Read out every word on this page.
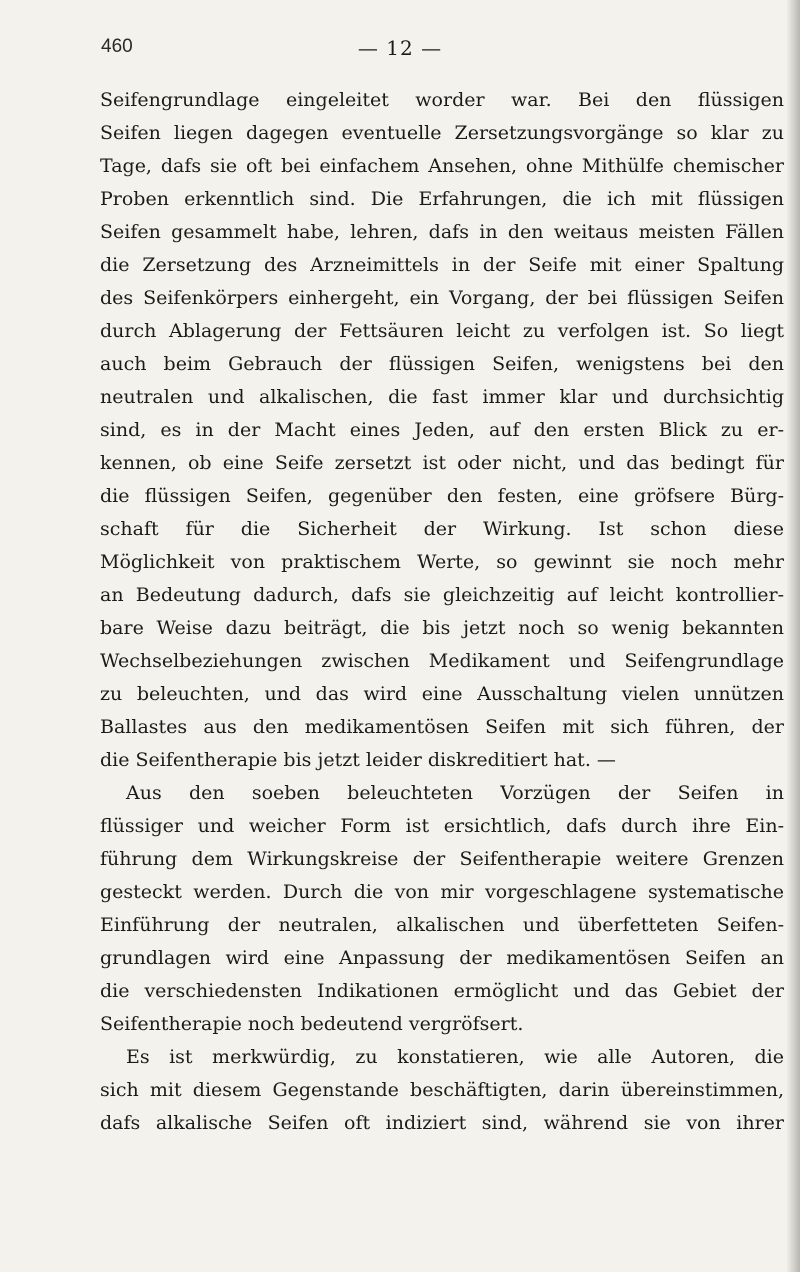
460	— 12 —
Seifengrundlage eingeleitet worder war. Bei den flüssigen
Seifen liegen dagegen eventuelle Zersetzungsvorgänge so klar zu
Tage, dafs sie oft bei einfachem Ansehen, ohne Mithülfe chemischer
Proben erkenntlich sind. Die Erfahrungen, die ich mit flüssigen
Seifen gesammelt habe, lehren, dafs in den weitaus meisten Fällen
die Zersetzung des Arzneimittels in der Seife mit einer Spaltung
des Seifenkörpers einhergeht, ein Vorgang, der bei flüssigen Seifen
durch Ablagerung der Fettsäuren leicht zu verfolgen ist. So liegt
auch beim Gebrauch der flüssigen Seifen, wenigstens bei den
neutralen und alkalischen, die fast immer klar und durchsichtig
sind, es in der Macht eines Jeden, auf den ersten Blick zu er-
kennen, ob eine Seife zersetzt ist oder nicht, und das bedingt für
die flüssigen Seifen, gegenüber den festen, eine gröfsere Bürg-
schaft für die Sicherheit der Wirkung. Ist schon diese
Möglichkeit von praktischem Werte, so gewinnt sie noch mehr
an Bedeutung dadurch, dafs sie gleichzeitig auf leicht kontrollier-
bare Weise dazu beiträgt, die bis jetzt noch so wenig bekannten
Wechselbeziehungen zwischen Medikament und Seifengrundlage
zu beleuchten, und das wird eine Ausschaltung vielen unnützen
Ballastes aus den medikamentösen Seifen mit sich führen, der
die Seifentherapie bis jetzt leider diskreditiert hat. —
Aus den soeben beleuchteten Vorzügen der Seifen in
flüssiger und weicher Form ist ersichtlich, dafs durch ihre Ein-
führung dem Wirkungskreise der Seifentherapie weitere Grenzen
gesteckt werden. Durch die von mir vorgeschlagene systematische
Einführung der neutralen, alkalischen und überfetteten Seifen-
grundlagen wird eine Anpassung der medikamentösen Seifen an
die verschiedensten Indikationen ermöglicht und das Gebiet der
Seifentherapie noch bedeutend vergröfsert.
Es ist merkwürdig, zu konstatieren, wie alle Autoren, die
sich mit diesem Gegenstande beschäftigten, darin übereinstimmen,
dafs alkalische Seifen oft indiziert sind, während sie von ihrer
